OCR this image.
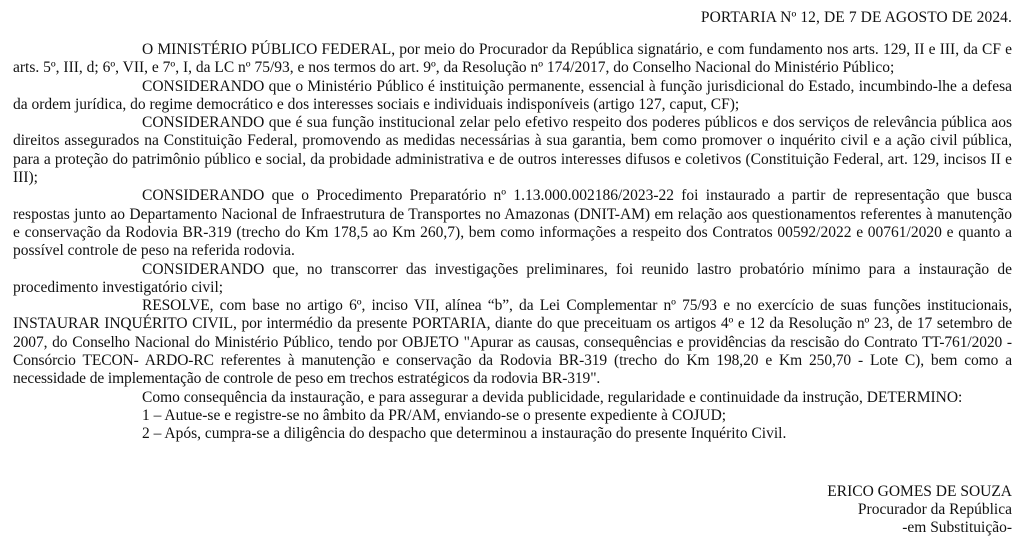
PORTARIA Nº 12, DE 7 DE AGOSTO DE 2024.

O MINISTÉRIO PÚBLICO FEDERAL, por meio do Procurador da República signatário, e com fundamento nos arts. 129, II e III, da CF e arts. 5º, III, d; 6º, VII, e 7º, I, da LC nº 75/93, e nos termos do art. 9º, da Resolução nº 174/2017, do Conselho Nacional do Ministério Público;

CONSIDERANDO que o Ministério Público é instituição permanente, essencial à função jurisdicional do Estado, incumbindo-lhe a defesa da ordem jurídica, do regime democrático e dos interesses sociais e individuais indisponíveis (artigo 127, caput, CF);

CONSIDERANDO que é sua função institucional zelar pelo efetivo respeito dos poderes públicos e dos serviços de relevância pública aos direitos assegurados na Constituição Federal, promovendo as medidas necessárias à sua garantia, bem como promover o inquérito civil e a ação civil pública, para a proteção do patrimônio público e social, da probidade administrativa e de outros interesses difusos e coletivos (Constituição Federal, art. 129, incisos II e III);

CONSIDERANDO que o Procedimento Preparatório nº 1.13.000.002186/2023-22 foi instaurado a partir de representação que busca respostas junto ao Departamento Nacional de Infraestrutura de Transportes no Amazonas (DNIT-AM) em relação aos questionamentos referentes à manutenção e conservação da Rodovia BR-319 (trecho do Km 178,5 ao Km 260,7), bem como informações a respeito dos Contratos 00592/2022 e 00761/2020 e quanto a possível controle de peso na referida rodovia.

CONSIDERANDO que, no transcorrer das investigações preliminares, foi reunido lastro probatório mínimo para a instauração de procedimento investigatório civil;

RESOLVE, com base no artigo 6º, inciso VII, alínea “b”, da Lei Complementar nº 75/93 e no exercício de suas funções institucionais, INSTAURAR INQUÉRITO CIVIL, por intermédio da presente PORTARIA, diante do que preceituam os artigos 4º e 12 da Resolução nº 23, de 17 setembro de 2007, do Conselho Nacional do Ministério Público, tendo por OBJETO "Apurar as causas, consequências e providências da rescisão do Contrato TT-761/2020 - Consórcio TECON- ARDO-RC referentes à manutenção e conservação da Rodovia BR-319 (trecho do Km 198,20 e Km 250,70 - Lote C), bem como a necessidade de implementação de controle de peso em trechos estratégicos da rodovia BR-319".

Como consequência da instauração, e para assegurar a devida publicidade, regularidade e continuidade da instrução, DETERMINO:

1 – Autue-se e registre-se no âmbito da PR/AM, enviando-se o presente expediente à COJUD;

2 – Após, cumpra-se a diligência do despacho que determinou a instauração do presente Inquérito Civil.

ERICO GOMES DE SOUZA
Procurador da República
-em Substituição-
